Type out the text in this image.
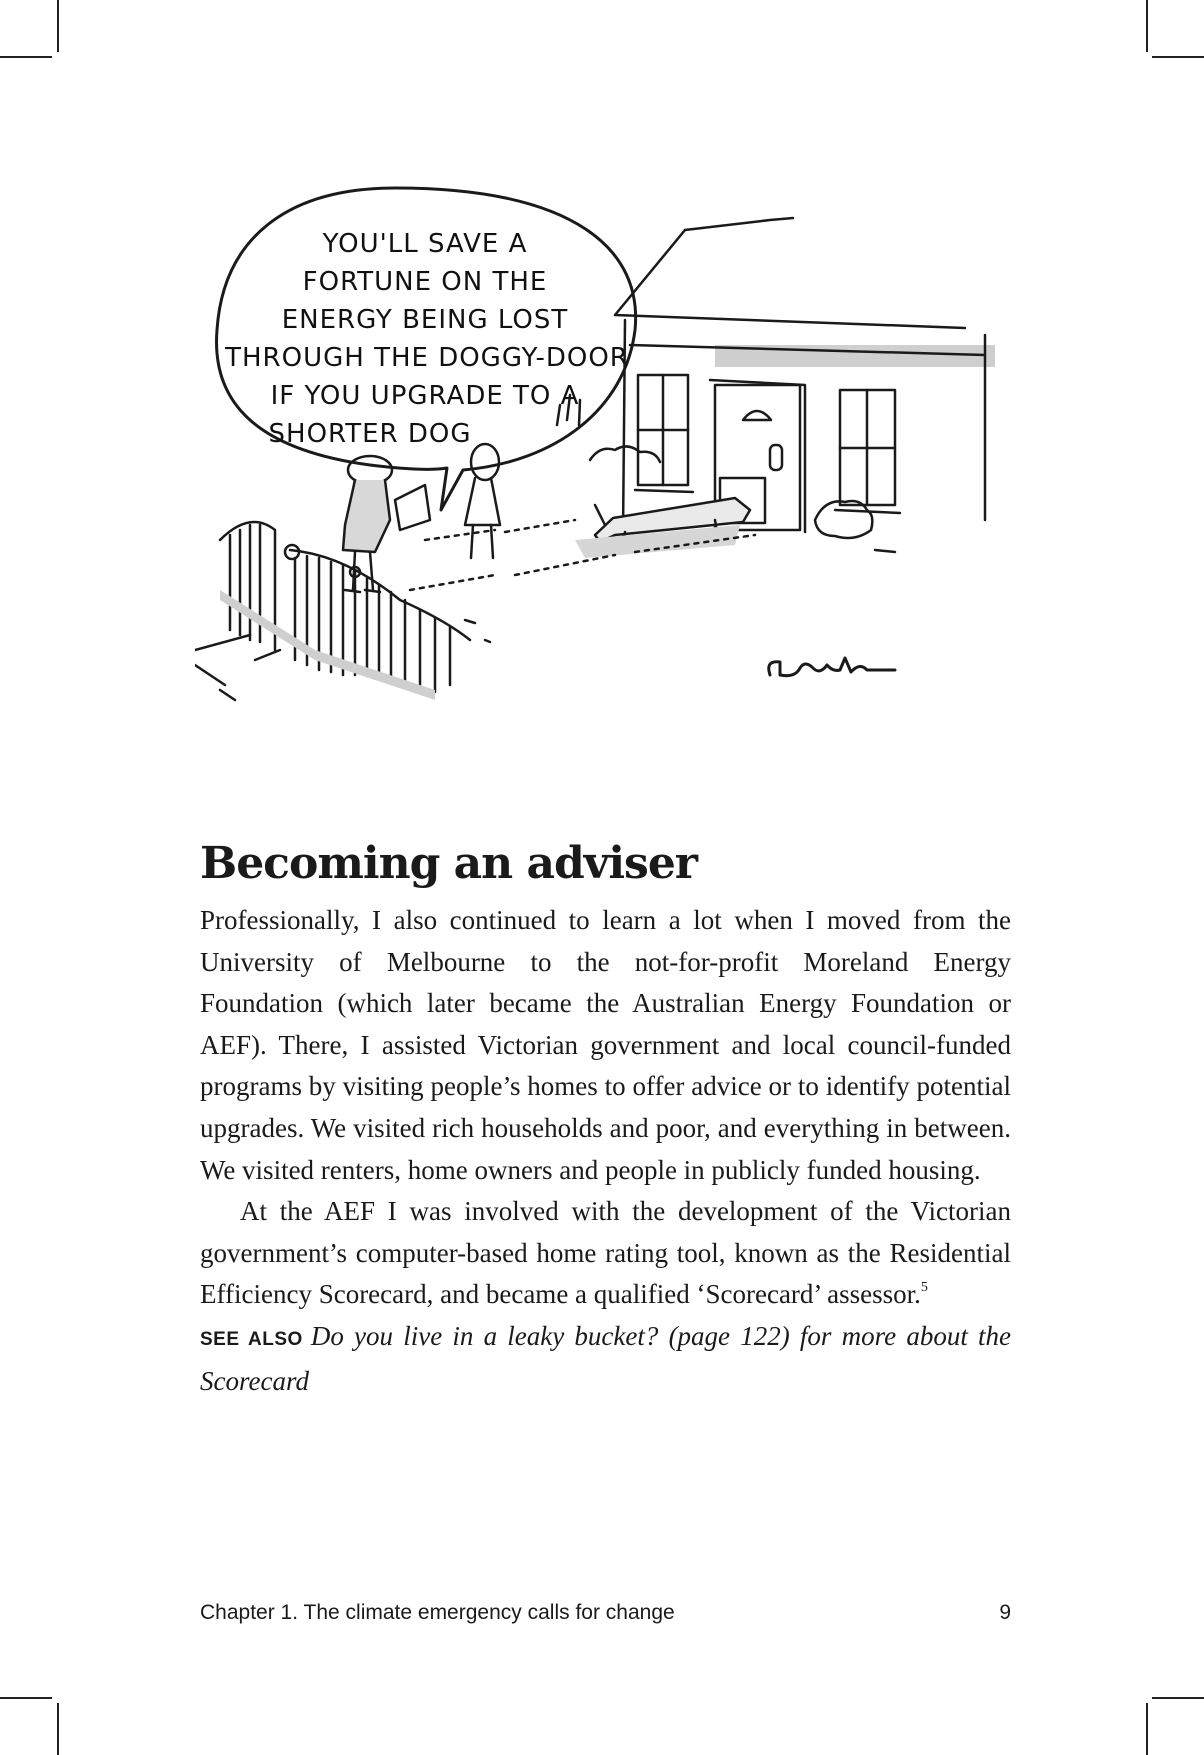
YOU'LL SAVE A
FORTUNE ON THE
ENERGY BEING LOST
THROUGH THE DOGGY-DOOR
IF YOU UPGRADE TO A
SHORTER DOG
Becoming an adviser

Professionally, I also continued to learn a lot when I moved from the University of Melbourne to the not-for-profit Moreland Energy Foundation (which later became the Australian Energy Foundation or AEF). There, I assisted Victorian government and local council-funded programs by visiting people’s homes to offer advice or to identify potential upgrades. We visited rich households and poor, and everything in between. We visited renters, home owners and people in publicly funded housing.

At the AEF I was involved with the development of the Victorian government’s computer-based home rating tool, known as the Residential Efficiency Scorecard, and became a qualified ‘Scorecard’ assessor.$^5$

SEE ALSO Do you live in a leaky bucket? (page 122) for more about the Scorecard

Chapter 1. The climate emergency calls for change	9
